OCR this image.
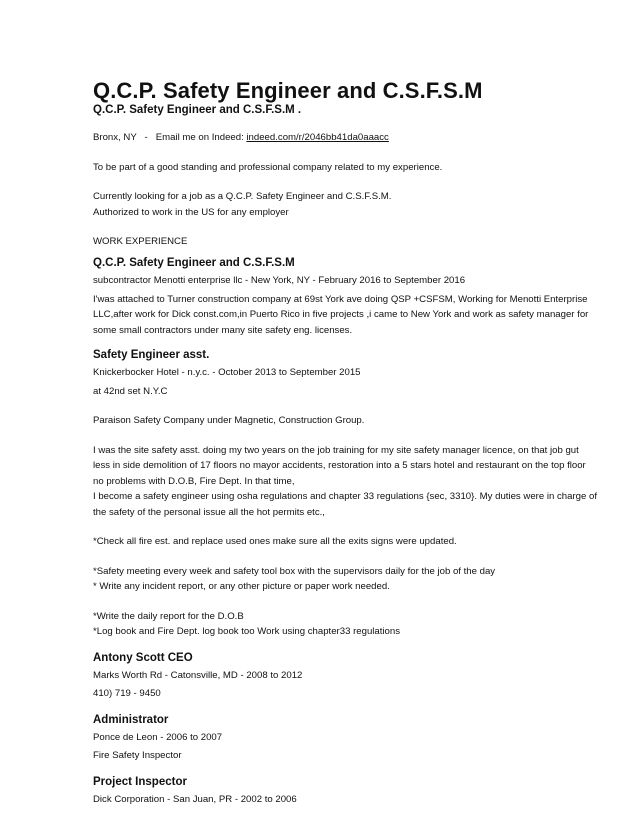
Q.C.P. Safety Engineer and C.S.F.S.M

Q.C.P. Safety Engineer and C.S.F.S.M .

Bronx, NY - Email me on Indeed: indeed.com/r/2046bb41da0aaacc

To be part of a good standing and professional company related to my experience.

Currently looking for a job as a Q.C.P. Safety Engineer and C.S.F.S.M.

Authorized to work in the US for any employer

WORK EXPERIENCE

Q.C.P. Safety Engineer and C.S.F.S.M

subcontractor Menotti enterprise llc - New York, NY - February 2016 to September 2016

I'was attached to Turner construction company at 69st York ave doing QSP +CSFSM, Working for Menotti Enterprise LLC,after work for Dick const.com,in Puerto Rico in five projects ,i came to New York and work as safety manager for some small contractors under many site safety eng. licenses.

Safety Engineer asst.

Knickerbocker Hotel - n.y.c. - October 2013 to September 2015

at 42nd set N.Y.C

Paraison Safety Company under Magnetic, Construction Group.

I was the site safety asst. doing my two years on the job training for my site safety manager licence, on that job gut less in side demolition of 17 floors no mayor accidents, restoration into a 5 stars hotel and restaurant on the top floor no problems with D.O.B, Fire Dept. In that time,

I become a safety engineer using osha regulations and chapter 33 regulations {sec, 3310}. My duties were in charge of the safety of the personal issue all the hot permits etc.,

*Check all fire est. and replace used ones make sure all the exits signs were updated.

*Safety meeting every week and safety tool box with the supervisors daily for the job of the day

* Write any incident report, or any other picture or paper work needed.

*Write the daily report for the D.O.B

*Log book and Fire Dept. log book too Work using chapter33 regulations

Antony Scott CEO

Marks Worth Rd - Catonsville, MD - 2008 to 2012

410) 719 - 9450

Administrator

Ponce de Leon - 2006 to 2007

Fire Safety Inspector

Project Inspector

Dick Corporation - San Juan, PR - 2002 to 2006
